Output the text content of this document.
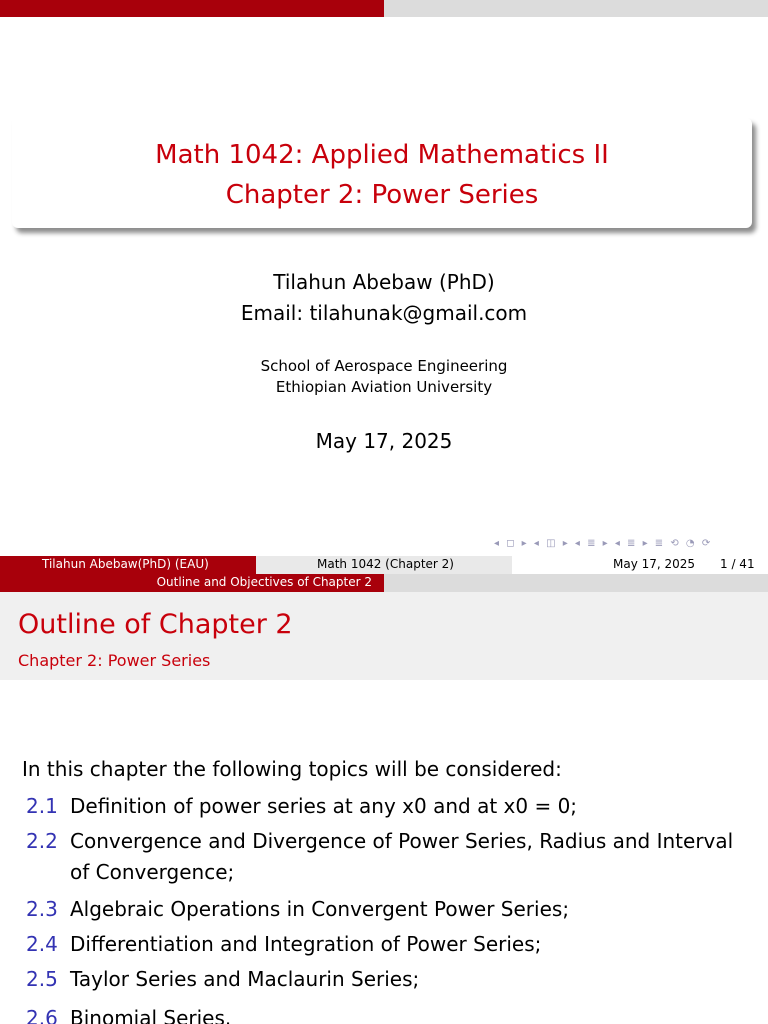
Math 1042: Applied Mathematics II
Chapter 2: Power Series
Tilahun Abebaw (PhD)
Email: tilahunak@gmail.com
School of Aerospace Engineering
Ethiopian Aviation University
May 17, 2025
◂ ◻ ▸ ◂ ◫ ▸ ◂ ≣ ▸ ◂ ≣ ▸ ≣ ⟲ ◔ ⟳
Tilahun Abebaw(PhD) (EAU)	Math 1042 (Chapter 2)	May 17, 2025 1 / 41
Outline and Objectives of Chapter 2
Outline of Chapter 2
Chapter 2: Power Series
In this chapter the following topics will be considered:
2.1 Definition of power series at any x0 and at x0 = 0;
2.2 Convergence and Divergence of Power Series, Radius and Interval of Convergence;
2.3 Algebraic Operations in Convergent Power Series;
2.4 Differentiation and Integration of Power Series;
2.5 Taylor Series and Maclaurin Series;
2.6 Binomial Series.
